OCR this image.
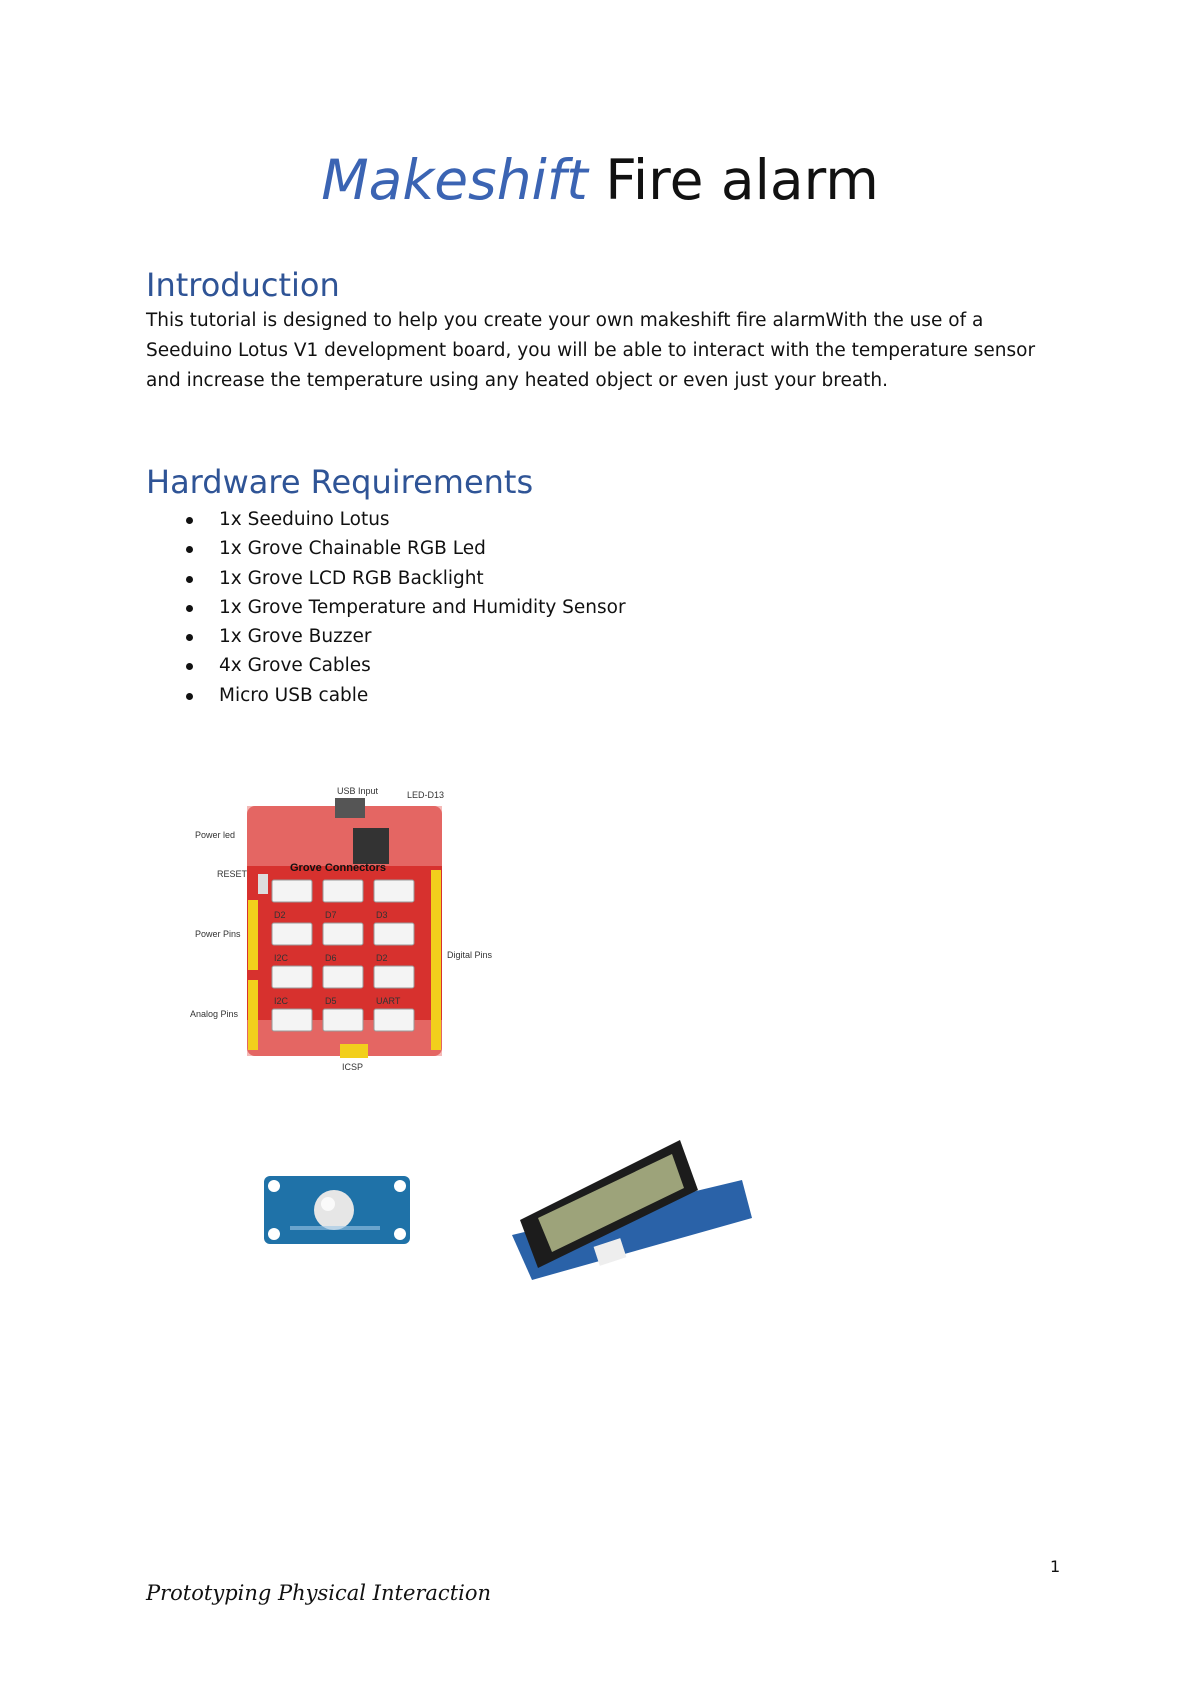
Makeshift Fire alarm
Introduction
This tutorial is designed to help you create your own makeshift fire alarmWith the use of a Seeduino Lotus V1 development board, you will be able to interact with the temperature sensor and increase the temperature using any heated object or even just your breath.
Hardware Requirements
1x Seeduino Lotus
1x Grove Chainable RGB Led
1x Grove LCD RGB Backlight
1x Grove Temperature and Humidity Sensor
1x Grove Buzzer
4x Grove Cables
Micro USB cable
D2	D7	D3
I2C	D6	D2
I2C	D5	UART
Grove Connectors
USB Input	LED-D13
Power led
RESET
Power Pins
Digital Pins
Analog Pins
ICSP
1
Prototyping Physical Interaction
